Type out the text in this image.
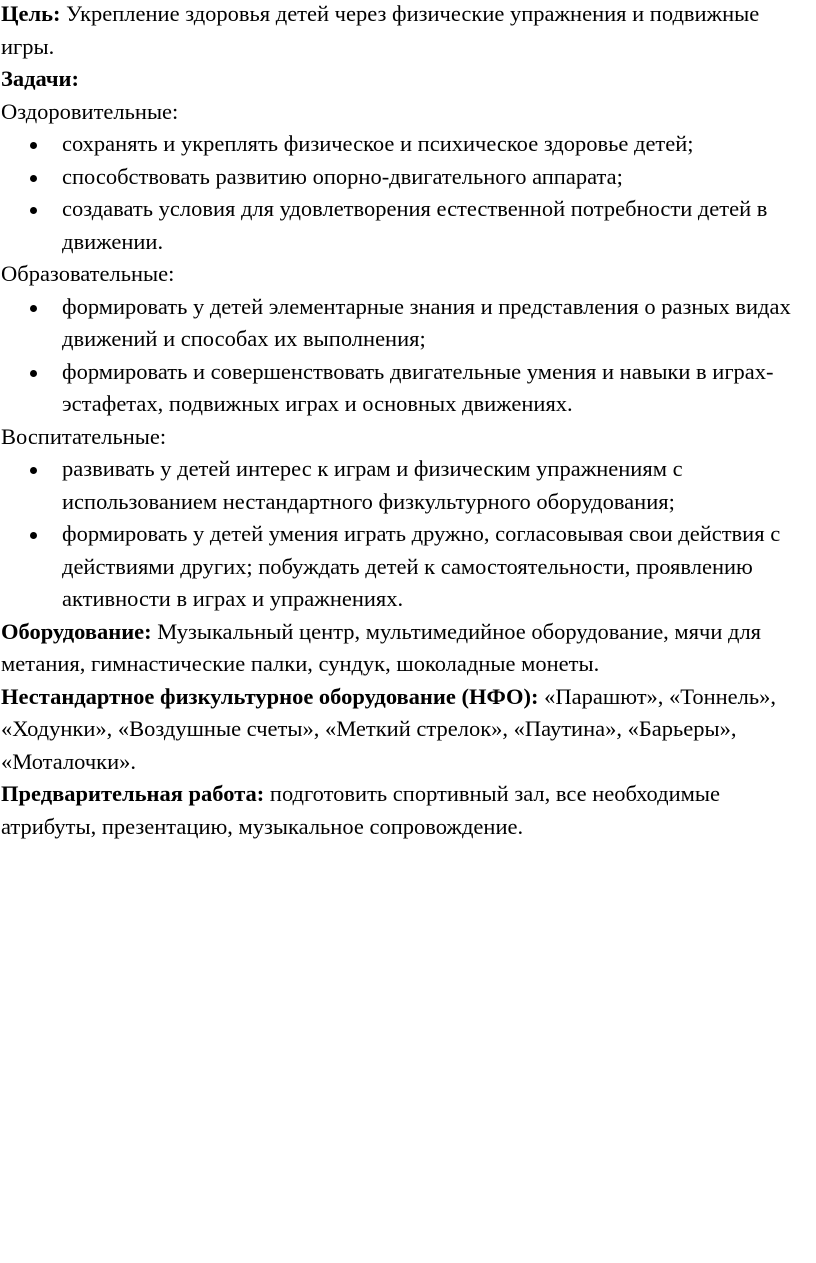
Цель: Укрепление здоровья детей через физические упражнения и подвижные игры.

Задачи:

Оздоровительные:

сохранять и укреплять физическое и психическое здоровье детей;
способствовать развитию опорно-двигательного аппарата;
создавать условия для удовлетворения естественной потребности детей в движении.

Образовательные:

формировать у детей элементарные знания и представления о разных видах движений и способах их выполнения;
формировать и совершенствовать двигательные умения и навыки в играх-эстафетах, подвижных играх и основных движениях.

Воспитательные:

развивать у детей интерес к играм и физическим упражнениям с использованием нестандартного физкультурного оборудования;
формировать у детей умения играть дружно, согласовывая свои действия с действиями других; побуждать детей к самостоятельности, проявлению активности в играх и упражнениях.

Оборудование: Музыкальный центр, мультимедийное оборудование, мячи для метания, гимнастические палки, сундук, шоколадные монеты.

Нестандартное физкультурное оборудование (НФО): «Парашют», «Тоннель», «Ходунки», «Воздушные счеты», «Меткий стрелок», «Паутина», «Барьеры», «Моталочки».

Предварительная работа: подготовить спортивный зал, все необходимые атрибуты, презентацию, музыкальное сопровождение.
